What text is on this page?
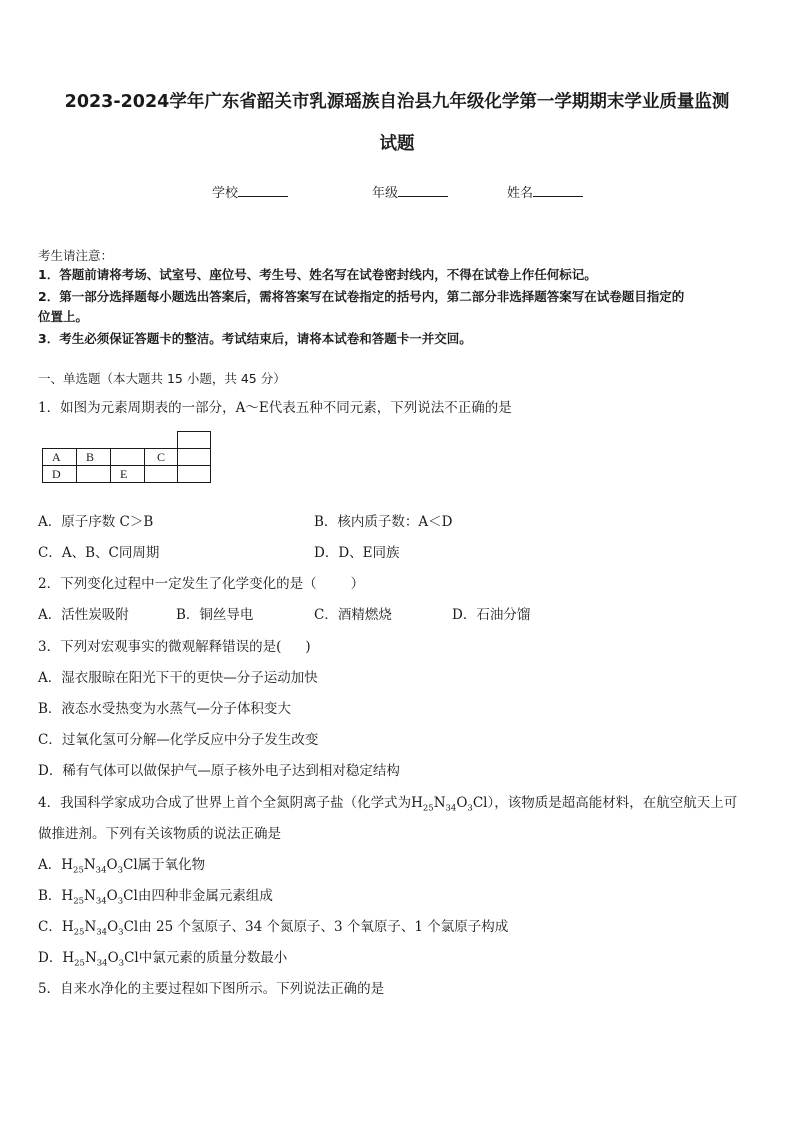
2023-2024学年广东省韶关市乳源瑶族自治县九年级化学第一学期期末学业质量监测
试题
学校	年级	姓名
考生请注意：
1．答题前请将考场、试室号、座位号、考生号、姓名写在试卷密封线内，不得在试卷上作任何标记。
2．第一部分选择题每小题选出答案后，需将答案写在试卷指定的括号内，第二部分非选择题答案写在试卷题目指定的
位置上。
3．考生必须保证答题卡的整洁。考试结束后，请将本试卷和答题卡一并交回。
一、单选题（本大题共 15 小题，共 45 分）
1．如图为元素周期表的一部分，A～E代表五种不同元素，下列说法不正确的是

A	B		C	
D		E		
A．原子序数 C＞B	B．核内质子数：A＜D
C．A、B、C同周期	D．D、E同族
2．下列变化过程中一定发生了化学变化的是（	）
A．活性炭吸附	B．铜丝导电	C．酒精燃烧	D．石油分馏
3．下列对宏观事实的微观解释错误的是( )
A．湿衣服晾在阳光下干的更快—分子运动加快
B．液态水受热变为水蒸气—分子体积变大
C．过氧化氢可分解—化学反应中分子发生改变
D．稀有气体可以做保护气—原子核外电子达到相对稳定结构
4．我国科学家成功合成了世界上首个全氮阴离子盐（化学式为$H_{25}N_{34}O_3Cl$），该物质是超高能材料，在航空航天上可
做推进剂。下列有关该物质的说法正确是
A．$H_{25}N_{34}O_3Cl$属于氧化物
B．$H_{25}N_{34}O_3Cl$由四种非金属元素组成
C．$H_{25}N_{34}O_3Cl$由 25 个氢原子、34 个氮原子、3 个氧原子、1 个氯原子构成
D．$H_{25}N_{34}O_3Cl$中氯元素的质量分数最小
5．自来水净化的主要过程如下图所示。下列说法正确的是
